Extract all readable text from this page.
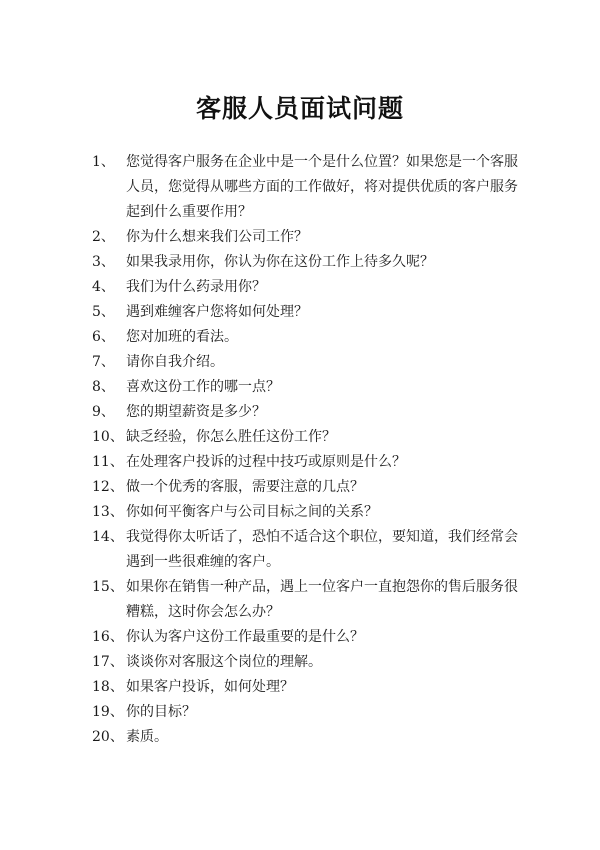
客服人员面试问题
1、 您觉得客户服务在企业中是一个是什么位置？如果您是一个客服人员，您觉得从哪些方面的工作做好，将对提供优质的客户服务起到什么重要作用？
2、 你为什么想来我们公司工作？
3、 如果我录用你，你认为你在这份工作上待多久呢？
4、 我们为什么药录用你？
5、 遇到难缠客户您将如何处理？
6、 您对加班的看法。
7、 请你自我介绍。
8、 喜欢这份工作的哪一点？
9、 您的期望薪资是多少？
10、 缺乏经验，你怎么胜任这份工作？
11、 在处理客户投诉的过程中技巧或原则是什么？
12、 做一个优秀的客服，需要注意的几点？
13、 你如何平衡客户与公司目标之间的关系？
14、 我觉得你太听话了，恐怕不适合这个职位，要知道，我们经常会遇到一些很难缠的客户。
15、 如果你在销售一种产品，遇上一位客户一直抱怨你的售后服务很糟糕，这时你会怎么办？
16、 你认为客户这份工作最重要的是什么？
17、 谈谈你对客服这个岗位的理解。
18、 如果客户投诉，如何处理？
19、 你的目标？
20、 素质。
